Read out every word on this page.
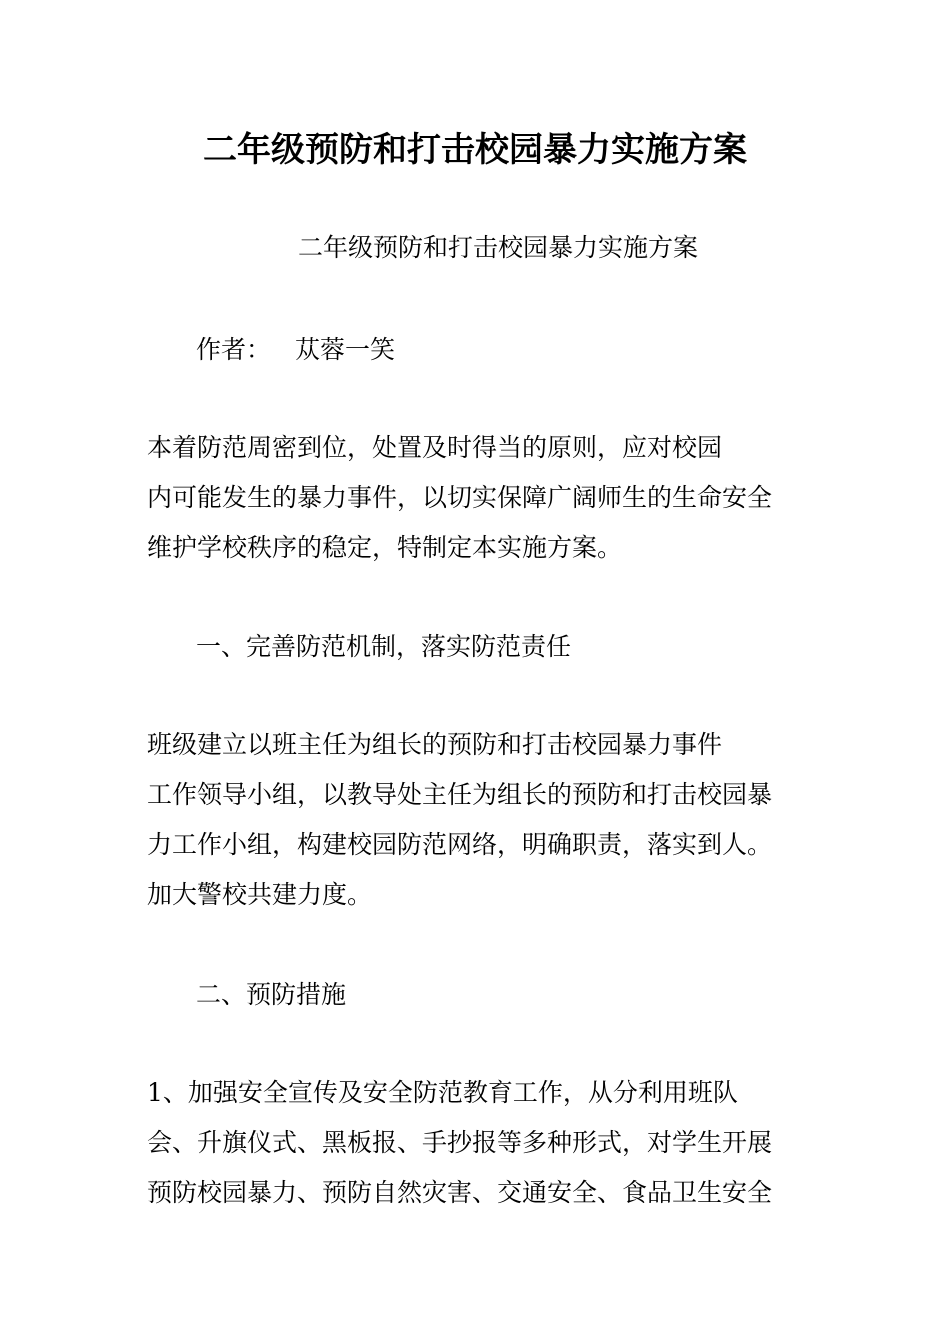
二年级预防和打击校园暴力实施方案

二年级预防和打击校园暴力实施方案

作者： 苁蓉一笑

本着防范周密到位，处置及时得当的原则，应对校园
内可能发生的暴力事件，以切实保障广阔师生的生命安全
维护学校秩序的稳定，特制定本实施方案。

一、完善防范机制，落实防范责任

班级建立以班主任为组长的预防和打击校园暴力事件
工作领导小组，以教导处主任为组长的预防和打击校园暴
力工作小组，构建校园防范网络，明确职责，落实到人。
加大警校共建力度。

二、预防措施

1、加强安全宣传及安全防范教育工作，从分利用班队
会、升旗仪式、黑板报、手抄报等多种形式，对学生开展
预防校园暴力、预防自然灾害、交通安全、食品卫生安全
